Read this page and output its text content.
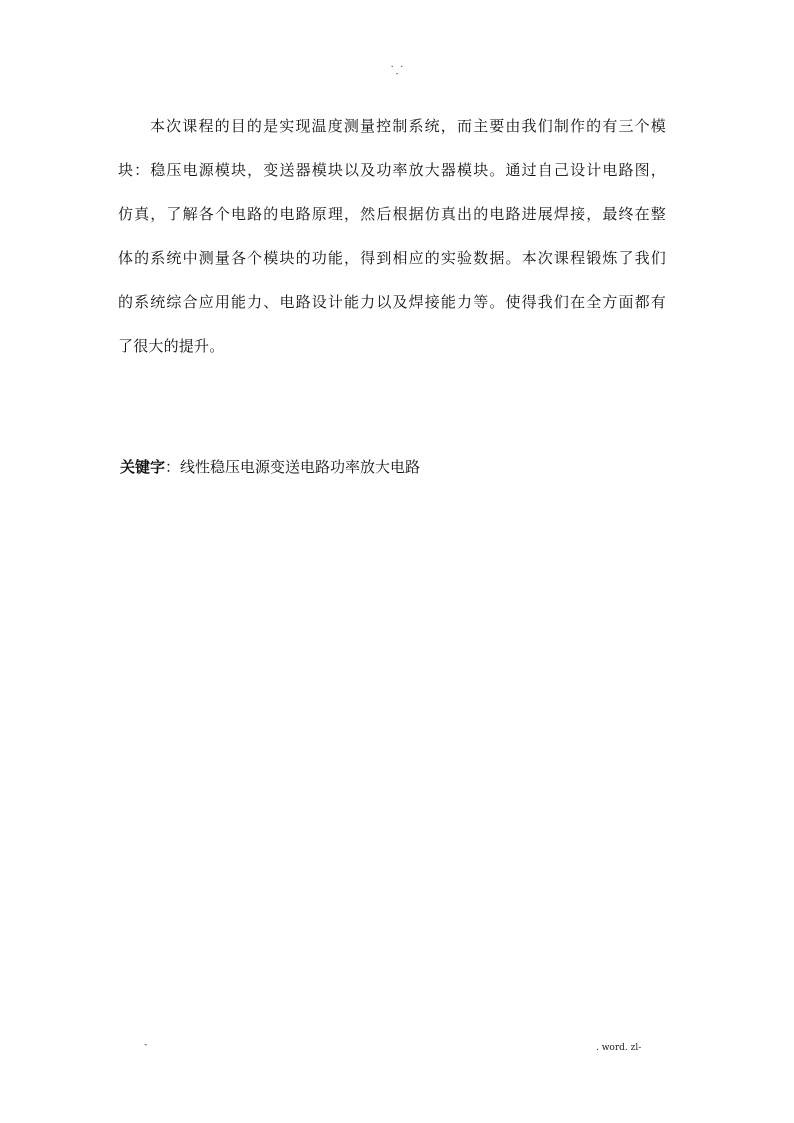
. .
-
本次课程的目的是实现温度测量控制系统，而主要由我们制作的有三个模
块：稳压电源模块，变送器模块以及功率放大器模块。通过自己设计电路图，
仿真，了解各个电路的电路原理，然后根据仿真出的电路进展焊接，最终在整
体的系统中测量各个模块的功能，得到相应的实验数据。本次课程锻炼了我们
的系统综合应用能力、电路设计能力以及焊接能力等。使得我们在全方面都有
了很大的提升。
关键字：线性稳压电源变送电路功率放大电路
-	. word. zl-
